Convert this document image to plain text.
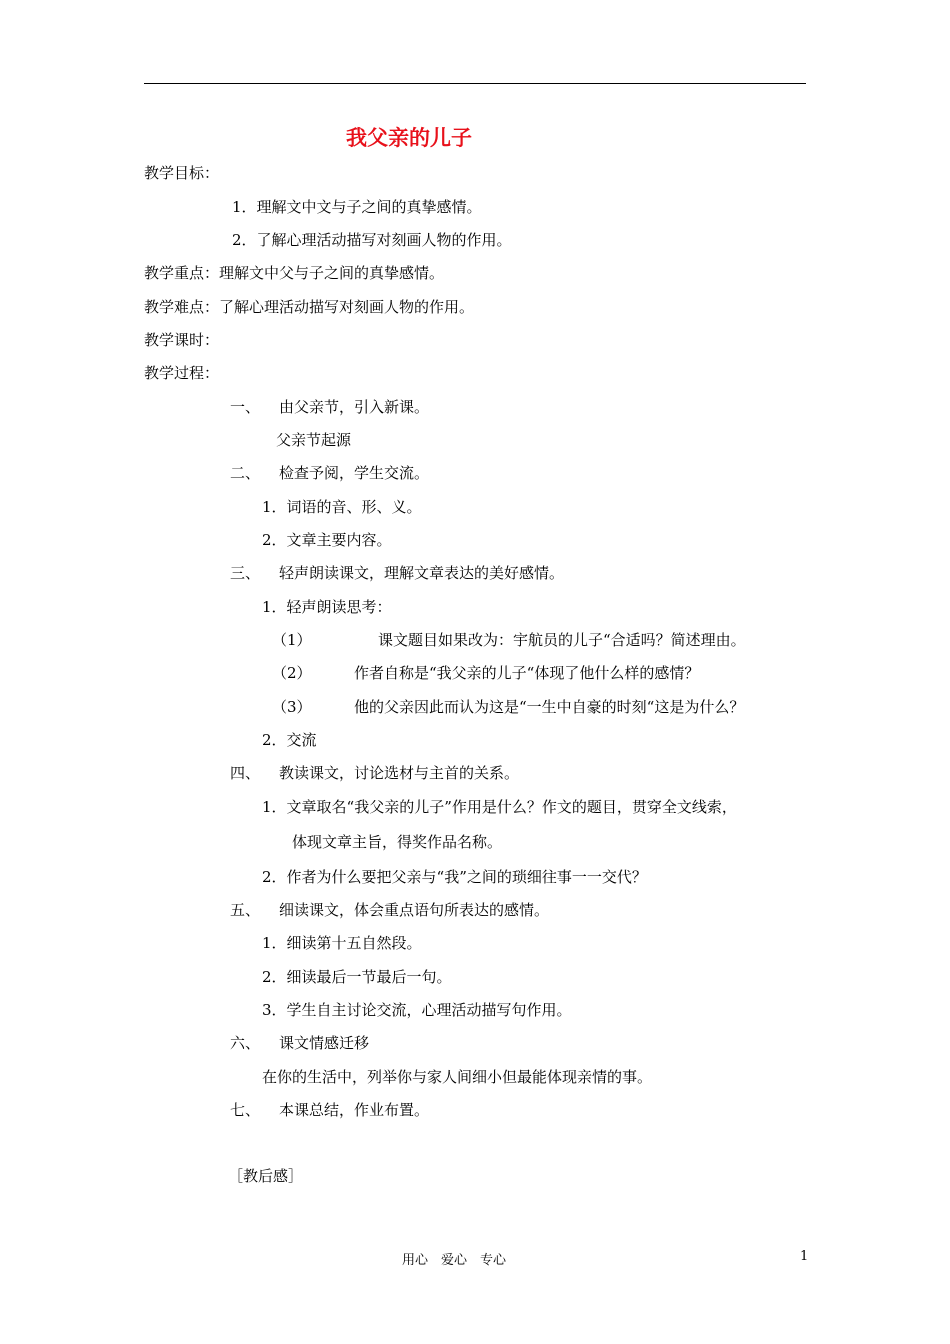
我父亲的儿子
教学目标：
1．理解文中文与子之间的真挚感情。
2．了解心理活动描写对刻画人物的作用。
教学重点：理解文中父与子之间的真挚感情。
教学难点：了解心理活动描写对刻画人物的作用。
教学课时：
教学过程：
一、 由父亲节，引入新课。
父亲节起源
二、 检查予阅，学生交流。
1．词语的音、形、义。
2．文章主要内容。
三、 轻声朗读课文，理解文章表达的美好感情。
1．轻声朗读思考：
（1）	课文题目如果改为：宇航员的儿子“合适吗？简述理由。
（2）	作者自称是“我父亲的儿子“体现了他什么样的感情？
（3）	他的父亲因此而认为这是“一生中自豪的时刻“这是为什么？
2．交流
四、 教读课文，讨论选材与主首的关系。
1．文章取名“我父亲的儿子”作用是什么？作文的题目，贯穿全文线索，
体现文章主旨，得奖作品名称。
2．作者为什么要把父亲与“我”之间的琐细往事一一交代？
五、 细读课文，体会重点语句所表达的感情。
1．细读第十五自然段。
2．细读最后一节最后一句。
3．学生自主讨论交流，心理活动描写句作用。
六、 课文情感迁移
在你的生活中，列举你与家人间细小但最能体现亲情的事。
七、 本课总结，作业布置。
［教后感］
用心　爱心　专心	1
